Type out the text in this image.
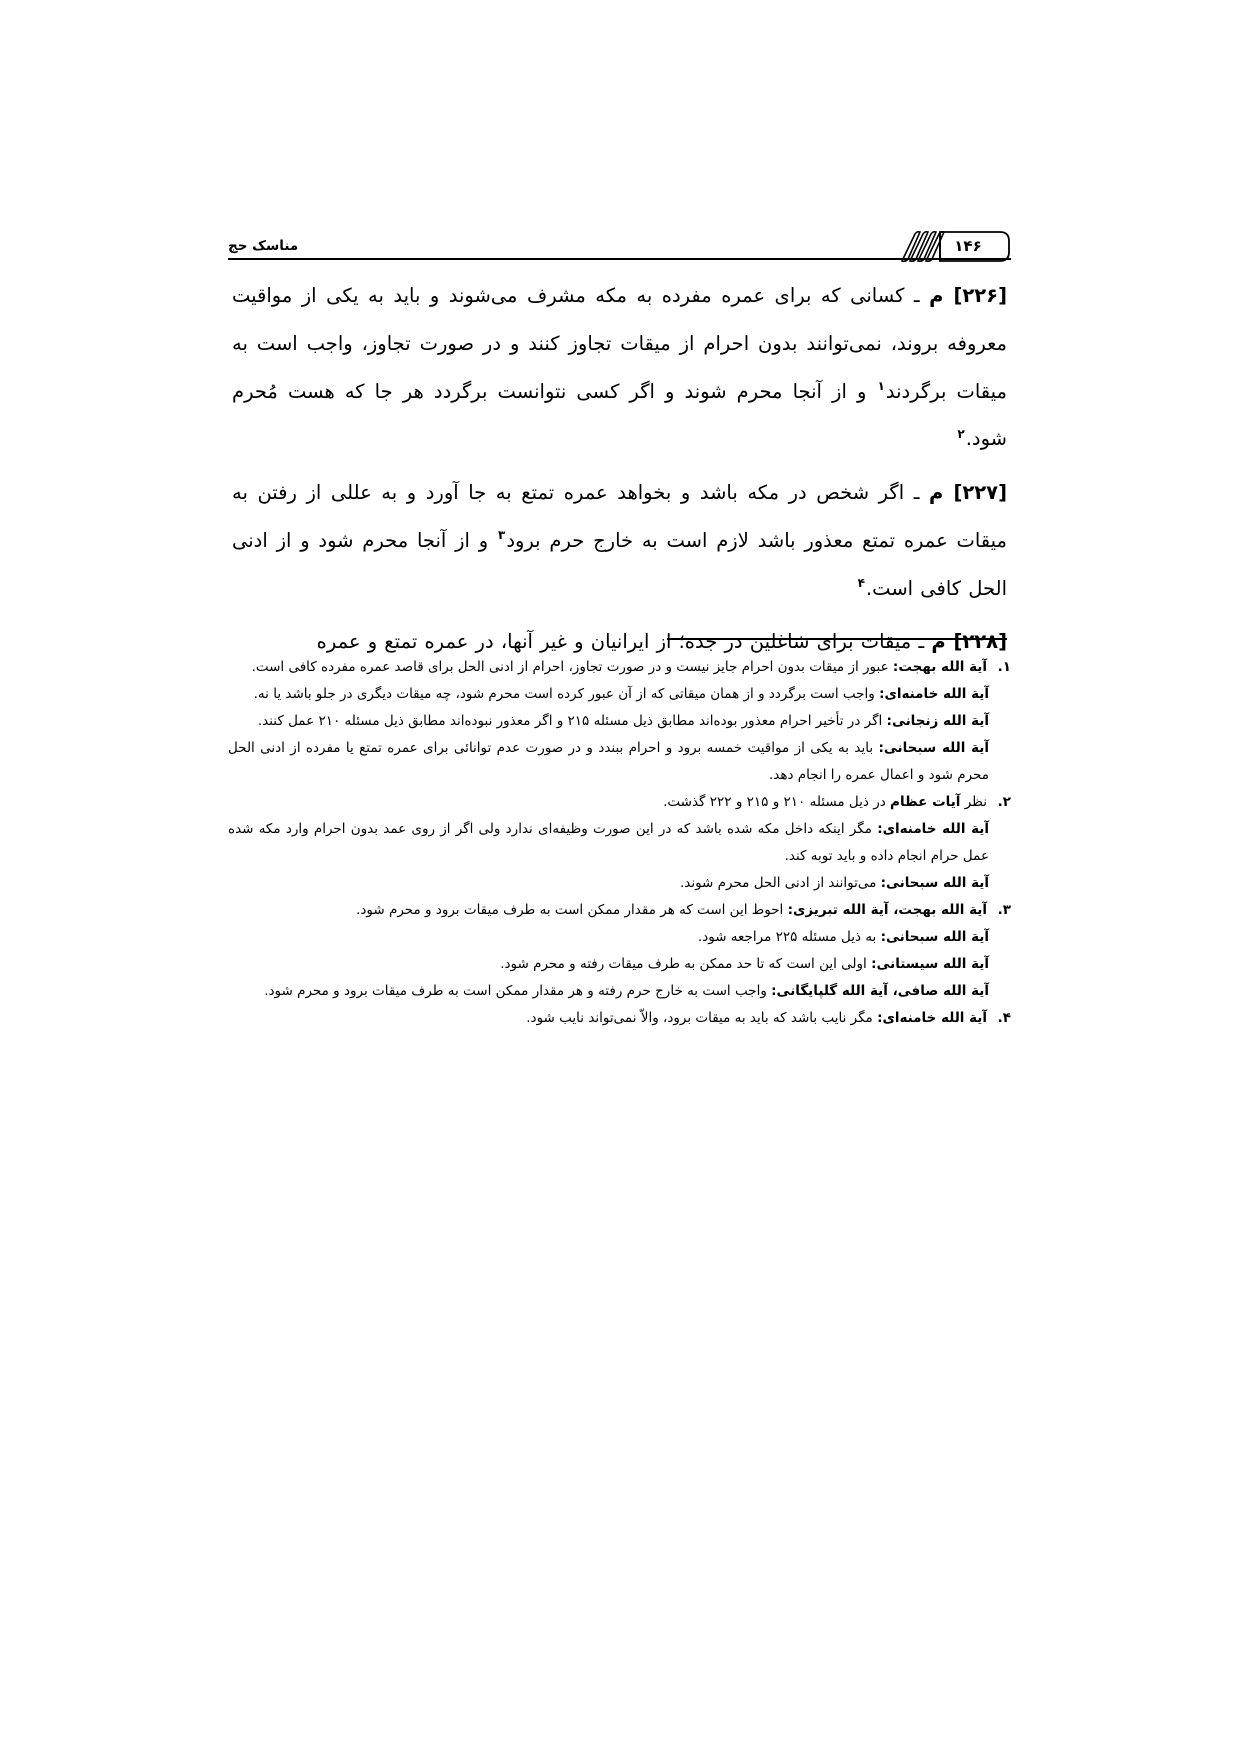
مناسک حج	۱۴۶

[۲۲۶] م ـ کسانی که برای عمره مفرده به مکه مشرف می‌شوند و باید به یکی از مواقیت معروفه بروند، نمی‌توانند بدون احرام از میقات تجاوز کنند و در صورت تجاوز، واجب است به میقات برگردند$^۱$ و از آنجا محرم شوند و اگر کسی نتوانست برگردد هر جا که هست مُحرم شود.$^۲$

[۲۲۷] م ـ اگر شخص در مکه باشد و بخواهد عمره تمتع به جا آورد و به عللی از رفتن به میقات عمره تمتع معذور باشد لازم است به خارج حرم برود$^۳$ و از آنجا محرم شود و از ادنی الحل کافی است.$^۴$

[۲۲۸] م ـ میقات برای شاغلین در جده؛ از ایرانیان و غیر آنها، در عمره تمتع و عمره

۱.
آیة الله بهجت: عبور از میقات بدون احرام جایز نیست و در صورت تجاوز، احرام از ادنی الحل برای قاصد عمره مفرده کافی است.
آیة الله خامنه‌ای: واجب است برگردد و از همان میقاتی که از آن عبور کرده است محرم شود، چه میقات دیگری در جلو باشد یا نه.
آیة الله زنجانی: اگر در تأخیر احرام معذور بوده‌اند مطابق ذیل مسئله ۲۱۵ و اگر معذور نبوده‌اند مطابق ذیل مسئله ۲۱۰ عمل کنند.
آیة الله سبحانی: باید به یکی از مواقیت خمسه برود و احرام ببندد و در صورت عدم توانائی برای عمره تمتع یا مفرده از ادنی الحل محرم شود و اعمال عمره را انجام دهد.
۲.
نظر آیات عظام در ذیل مسئله ۲۱۰ و ۲۱۵ و ۲۲۲ گذشت.
آیة الله خامنه‌ای: مگر اینکه داخل مکه شده باشد که در این صورت وظیفه‌ای ندارد ولی اگر از روی عمد بدون احرام وارد مکه شده عمل حرام انجام داده و باید توبه کند.
آیة الله سبحانی: می‌توانند از ادنی الحل محرم شوند.
۳.
آیة الله بهجت، آیة الله تبریزی: احوط این است که هر مقدار ممکن است به طرف میقات برود و محرم شود.
آیة الله سبحانی: به ذیل مسئله ۲۲۵ مراجعه شود.
آیة الله سیستانی: اولی این است که تا حد ممکن به طرف میقات رفته و محرم شود.
آیة الله صافی، آیة الله گلپایگانی: واجب است به خارج حرم رفته و هر مقدار ممکن است به طرف میقات برود و محرم شود.
۴.
آیة الله خامنه‌ای: مگر نایب باشد که باید به میقات برود، والاّ نمی‌تواند نایب شود.
